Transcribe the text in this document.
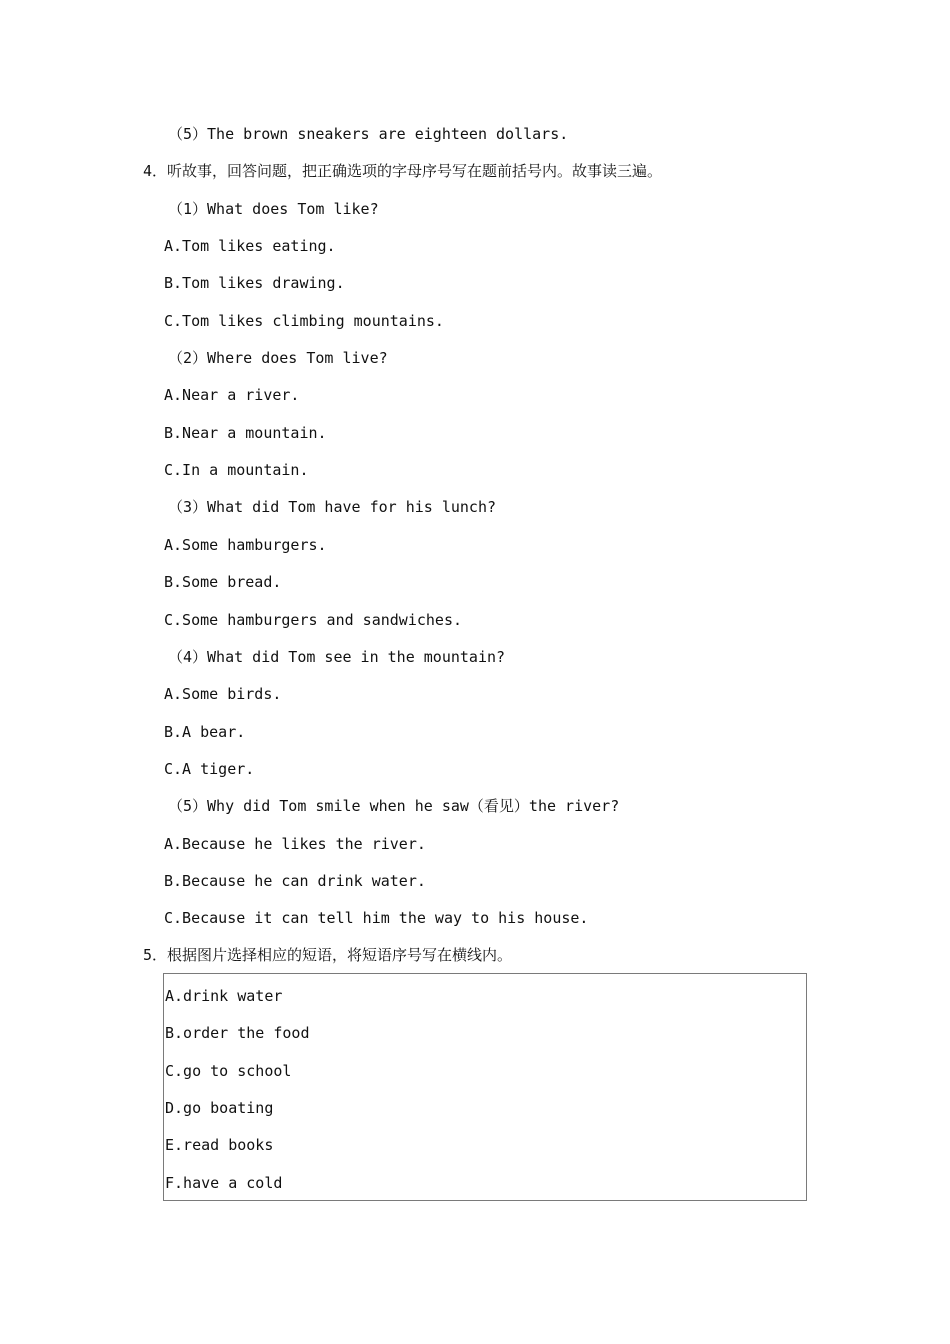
（5）The brown sneakers are eighteen dollars.
4．听故事，回答问题，把正确选项的字母序号写在题前括号内。故事读三遍。
（1）What does Tom like?
A.Tom likes eating.
B.Tom likes drawing.
C.Tom likes climbing mountains.
（2）Where does Tom live?
A.Near a river.
B.Near a mountain.
C.In a mountain.
（3）What did Tom have for his lunch?
A.Some hamburgers.
B.Some bread.
C.Some hamburgers and sandwiches.
（4）What did Tom see in the mountain?
A.Some birds.
B.A bear.
C.A tiger.
（5）Why did Tom smile when he saw（看见）the river?
A.Because he likes the river.
B.Because he can drink water.
C.Because it can tell him the way to his house.
5．根据图片选择相应的短语，将短语序号写在横线内。
A.drink water
B.order the food
C.go to school
D.go boating
E.read books
F.have a cold
